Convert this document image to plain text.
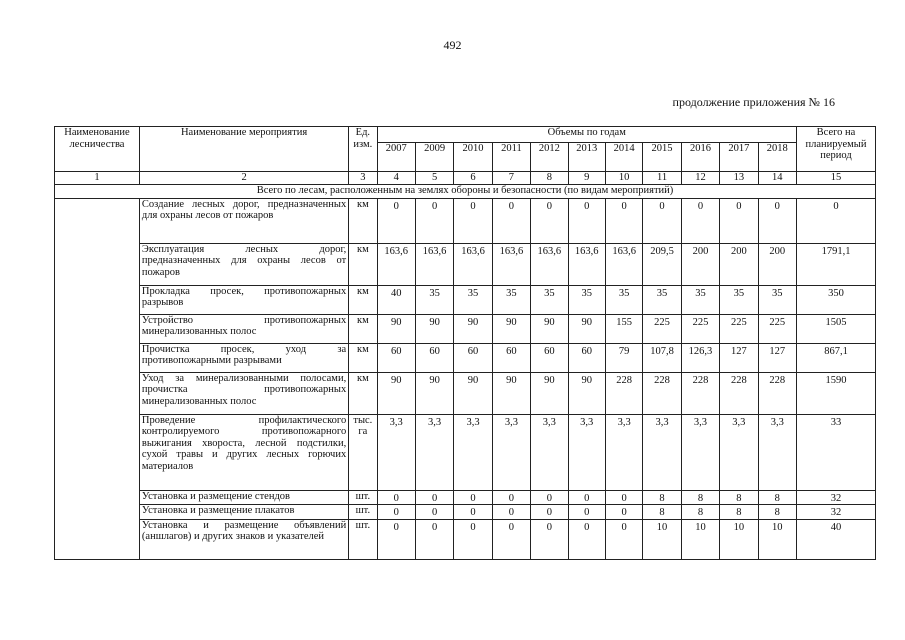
492
продолжение приложения № 16
Наименование лесничества	Наименование мероприятия	Ед. изм.	Объемы по годам											Всего на планируемый период
			2007	2009	2010	2011	2012	2013	2014	2015	2016	2017	2018	
1	2	3	4	5	6	7	8	9	10	11	12	13	14	15
Всего по лесам, расположенным на землях обороны и безопасности (по видам мероприятий)														
	Создание лесных дорог, предназначенных для охраны лесов от пожаров	км	0	0	0	0	0	0	0	0	0	0	0	0
	Эксплуатация лесных дорог, предназначенных для охраны лесов от пожаров	км	163,6	163,6	163,6	163,6	163,6	163,6	163,6	209,5	200	200	200	1791,1
	Прокладка просек, противопожарных разрывов	км	40	35	35	35	35	35	35	35	35	35	35	350
	Устройство противопожарных минерализованных полос	км	90	90	90	90	90	90	155	225	225	225	225	1505
	Прочистка просек, уход за противопожарными разрывами	км	60	60	60	60	60	60	79	107,8	126,3	127	127	867,1
	Уход за минерализованными полосами, прочистка противопожарных минерализованных полос	км	90	90	90	90	90	90	228	228	228	228	228	1590
	Проведение профилактического контролируемого противопожарного выжигания хвороста, лесной подстилки, сухой травы и других лесных горючих материалов	тыс. га	3,3	3,3	3,3	3,3	3,3	3,3	3,3	3,3	3,3	3,3	3,3	33
	Установка и размещение стендов	шт.	0	0	0	0	0	0	0	8	8	8	8	32
	Установка и размещение плакатов	шт.	0	0	0	0	0	0	0	8	8	8	8	32
	Установка и размещение объявлений (аншлагов) и других знаков и указателей	шт.	0	0	0	0	0	0	0	10	10	10	10	40
